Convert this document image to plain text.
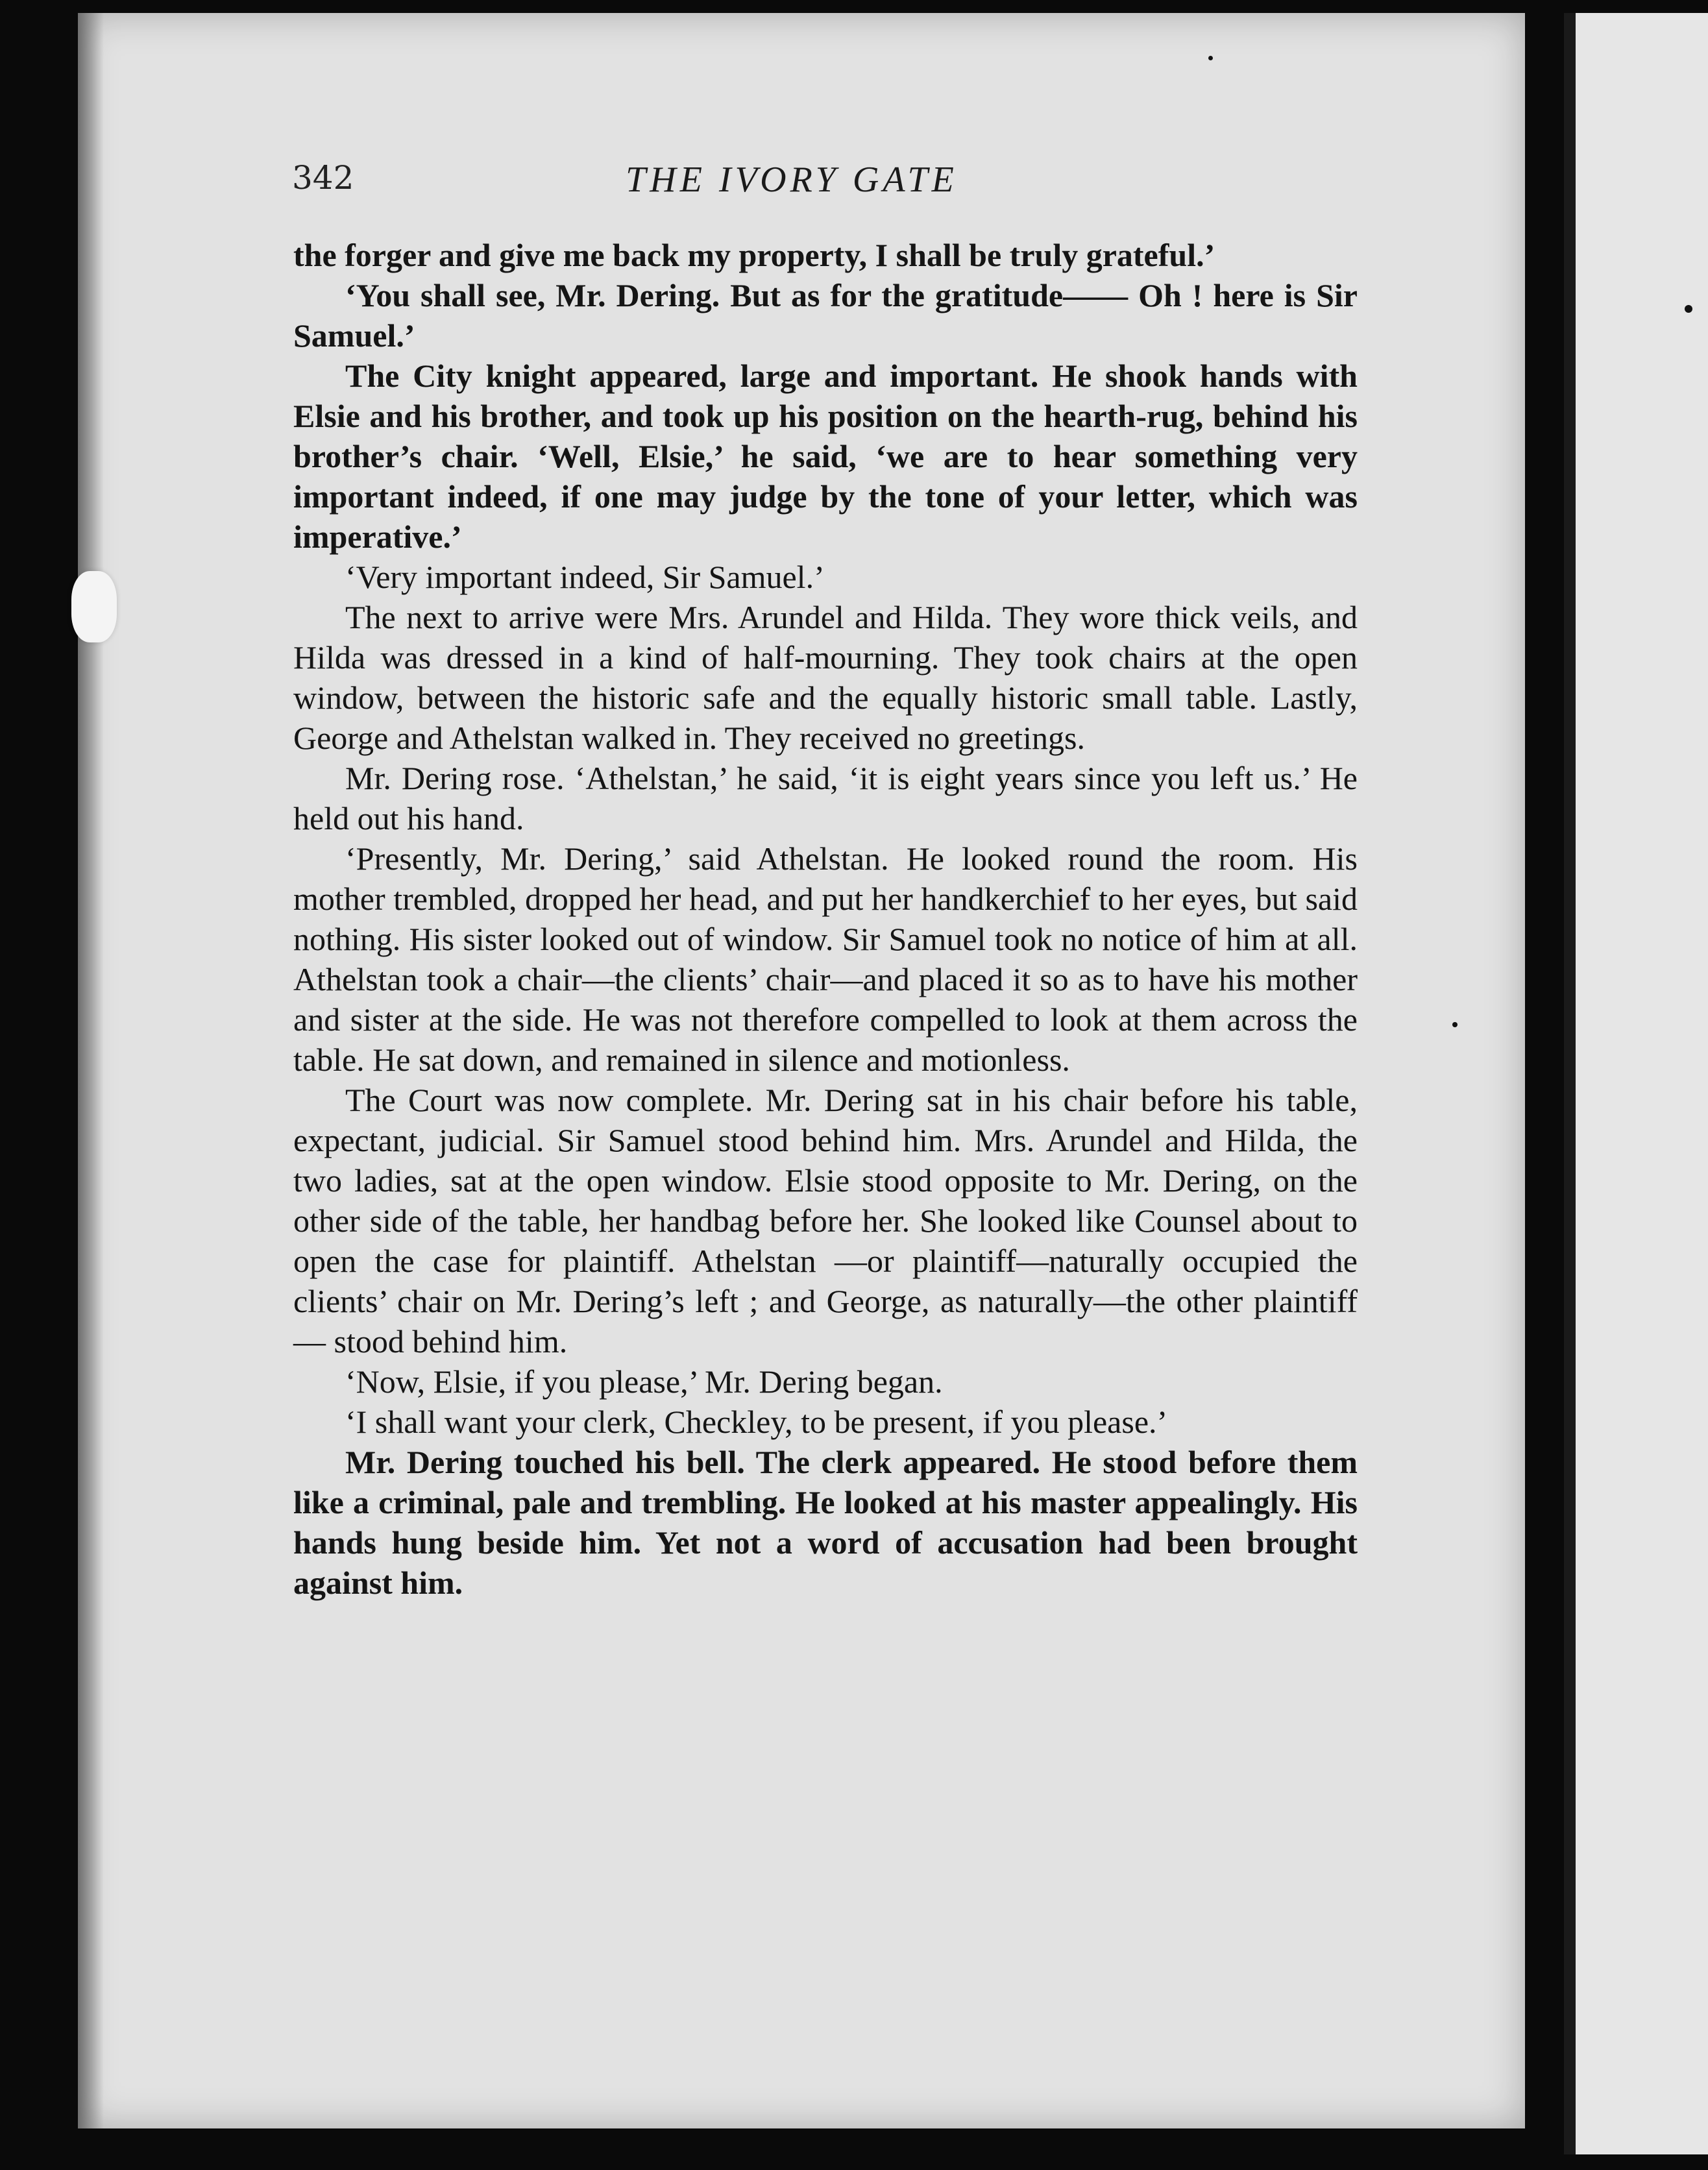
342	THE IVORY GATE

the forger and give me back my property, I shall be truly grateful.’

‘You shall see, Mr. Dering. But as for the gratitude—— Oh ! here is Sir Samuel.’

The City knight appeared, large and important. He shook hands with Elsie and his brother, and took up his position on the hearth-rug, behind his brother’s chair. ‘Well, Elsie,’ he said, ‘we are to hear something very important indeed, if one may judge by the tone of your letter, which was imperative.’

‘Very important indeed, Sir Samuel.’

The next to arrive were Mrs. Arundel and Hilda. They wore thick veils, and Hilda was dressed in a kind of half-mourning. They took chairs at the open window, between the historic safe and the equally historic small table. Lastly, George and Athelstan walked in. They received no greetings.

Mr. Dering rose. ‘Athelstan,’ he said, ‘it is eight years since you left us.’ He held out his hand.

‘Presently, Mr. Dering,’ said Athelstan. He looked round the room. His mother trembled, dropped her head, and put her handkerchief to her eyes, but said nothing. His sister looked out of window. Sir Samuel took no notice of him at all. Athelstan took a chair—the clients’ chair—and placed it so as to have his mother and sister at the side. He was not therefore compelled to look at them across the table. He sat down, and remained in silence and motionless.

The Court was now complete. Mr. Dering sat in his chair before his table, expectant, judicial. Sir Samuel stood behind him. Mrs. Arundel and Hilda, the two ladies, sat at the open window. Elsie stood opposite to Mr. Dering, on the other side of the table, her handbag before her. She looked like Counsel about to open the case for plaintiff. Athelstan —or plaintiff—naturally occupied the clients’ chair on Mr. Dering’s left ; and George, as naturally—the other plaintiff— stood behind him.

‘Now, Elsie, if you please,’ Mr. Dering began.

‘I shall want your clerk, Checkley, to be present, if you please.’

Mr. Dering touched his bell. The clerk appeared. He stood before them like a criminal, pale and trembling. He looked at his master appealingly. His hands hung beside him. Yet not a word of accusation had been brought against him.
